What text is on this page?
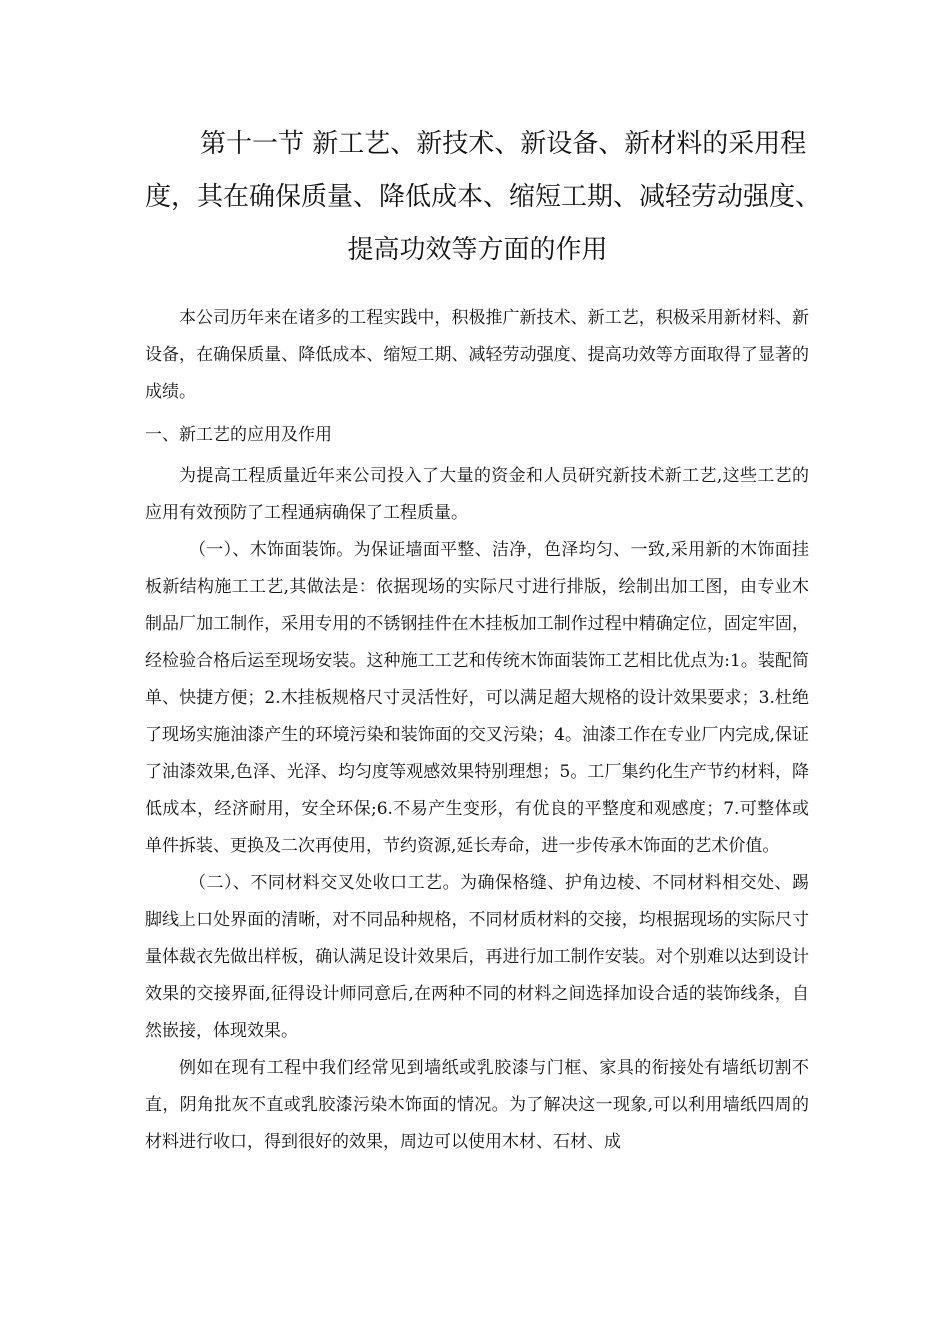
第十一节 新工艺、新技术、新设备、新材料的采用程
度，其在确保质量、降低成本、缩短工期、减轻劳动强度、
提高功效等方面的作用

本公司历年来在诸多的工程实践中，积极推广新技术、新工艺，积极采用新材料、新设备，在确保质量、降低成本、缩短工期、减轻劳动强度、提高功效等方面取得了显著的成绩。

一、新工艺的应用及作用

为提高工程质量近年来公司投入了大量的资金和人员研究新技术新工艺,这些工艺的应用有效预防了工程通病确保了工程质量。

（一）、木饰面装饰。为保证墙面平整、洁净，色泽均匀、一致,采用新的木饰面挂板新结构施工工艺,其做法是：依据现场的实际尺寸进行排版，绘制出加工图，由专业木制品厂加工制作，采用专用的不锈钢挂件在木挂板加工制作过程中精确定位，固定牢固，经检验合格后运至现场安装。这种施工工艺和传统木饰面装饰工艺相比优点为:1。装配简单、快捷方便；2.木挂板规格尺寸灵活性好，可以满足超大规格的设计效果要求；3.杜绝了现场实施油漆产生的环境污染和装饰面的交叉污染；4。油漆工作在专业厂内完成,保证了油漆效果,色泽、光泽、均匀度等观感效果特别理想；5。工厂集约化生产节约材料，降低成本，经济耐用，安全环保;6.不易产生变形，有优良的平整度和观感度；7.可整体或单件拆装、更换及二次再使用，节约资源,延长寿命，进一步传承木饰面的艺术价值。

（二）、不同材料交叉处收口工艺。为确保格缝、护角边棱、不同材料相交处、踢脚线上口处界面的清晰，对不同品种规格，不同材质材料的交接，均根据现场的实际尺寸量体裁衣先做出样板，确认满足设计效果后，再进行加工制作安装。对个别难以达到设计效果的交接界面,征得设计师同意后,在两种不同的材料之间选择加设合适的装饰线条，自然嵌接，体现效果。

例如在现有工程中我们经常见到墙纸或乳胶漆与门框、家具的衔接处有墙纸切割不直，阴角批灰不直或乳胶漆污染木饰面的情况。为了解决这一现象,可以利用墙纸四周的材料进行收口，得到很好的效果，周边可以使用木材、石材、成
